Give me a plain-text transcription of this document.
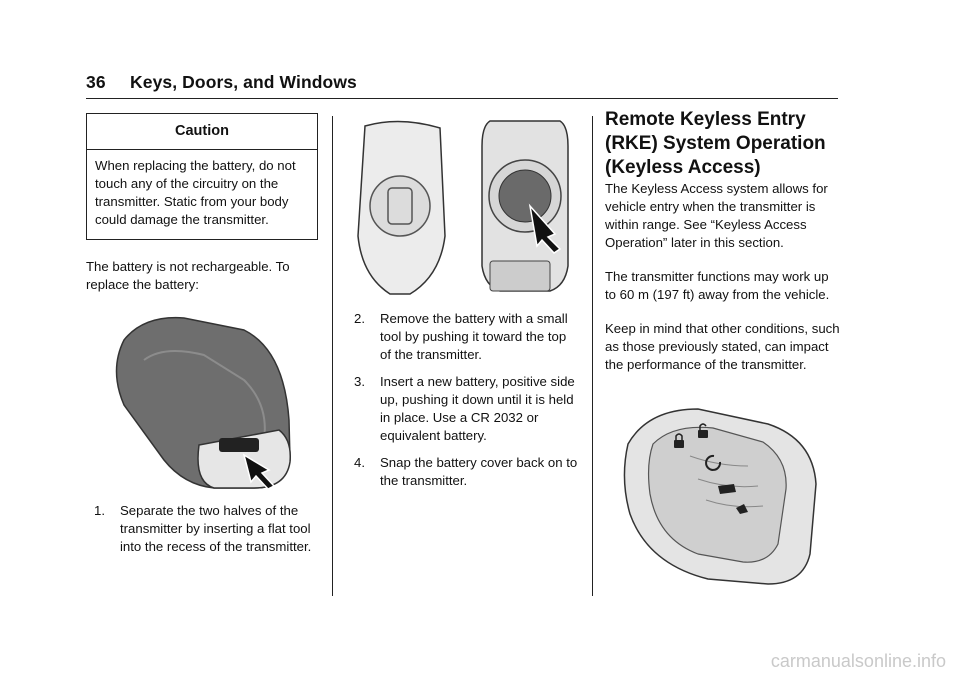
36 Keys, Doors, and Windows
Caution
When replacing the battery, do not touch any of the circuitry on the transmitter. Static from your body could damage the transmitter.
The battery is not rechargeable. To replace the battery:
1. Separate the two halves of the transmitter by inserting a flat tool into the recess of the transmitter.
2. Remove the battery with a small tool by pushing it toward the top of the transmitter.
3. Insert a new battery, positive side up, pushing it down until it is held in place. Use a CR 2032 or equivalent battery.
4. Snap the battery cover back on to the transmitter.
Remote Keyless Entry
(RKE) System Operation
(Keyless Access)
The Keyless Access system allows for vehicle entry when the transmitter is within range. See “Keyless Access Operation” later in this section.
The transmitter functions may work up to 60 m (197 ft) away from the vehicle.
Keep in mind that other conditions, such as those previously stated, can impact the performance of the transmitter.
carmanualsonline.info
